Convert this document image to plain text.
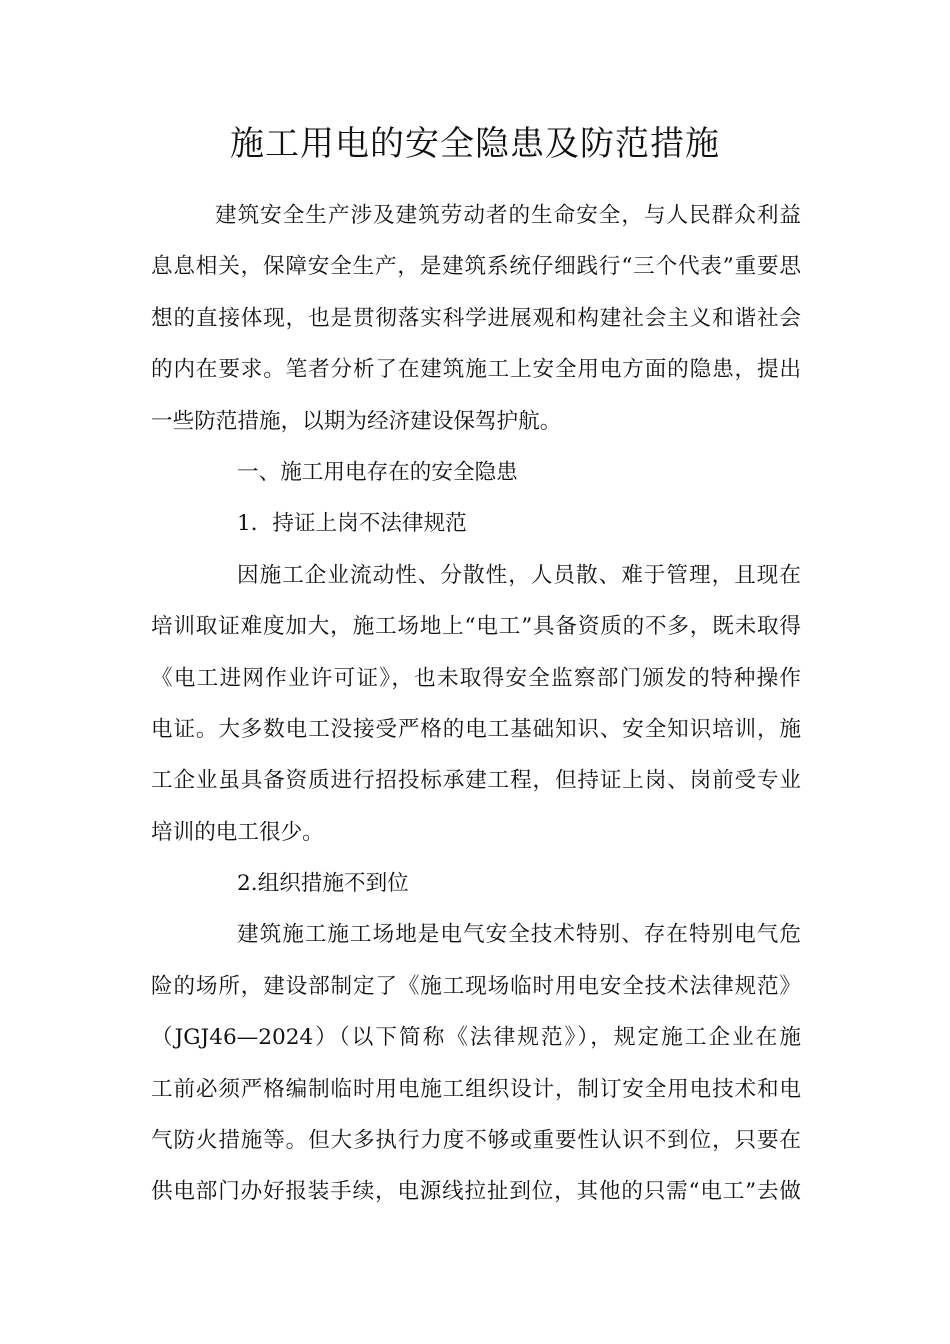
施工用电的安全隐患及防范措施
建筑安全生产涉及建筑劳动者的生命安全，与人民群众利益
息息相关，保障安全生产，是建筑系统仔细践行“三个代表”重要思
想的直接体现，也是贯彻落实科学进展观和构建社会主义和谐社会
的内在要求。笔者分析了在建筑施工上安全用电方面的隐患，提出
一些防范措施，以期为经济建设保驾护航。
一、施工用电存在的安全隐患
1．持证上岗不法律规范
因施工企业流动性、分散性，人员散、难于管理，且现在
培训取证难度加大，施工场地上“电工”具备资质的不多，既未取得
《电工进网作业许可证》，也未取得安全监察部门颁发的特种操作
电证。大多数电工没接受严格的电工基础知识、安全知识培训，施
工企业虽具备资质进行招投标承建工程，但持证上岗、岗前受专业
培训的电工很少。
2.组织措施不到位
建筑施工施工场地是电气安全技术特别、存在特别电气危
险的场所，建设部制定了《施工现场临时用电安全技术法律规范》
（JGJ46—2024）（以下简称《法律规范》），规定施工企业在施
工前必须严格编制临时用电施工组织设计，制订安全用电技术和电
气防火措施等。但大多执行力度不够或重要性认识不到位，只要在
供电部门办好报装手续，电源线拉扯到位，其他的只需“电工”去做
